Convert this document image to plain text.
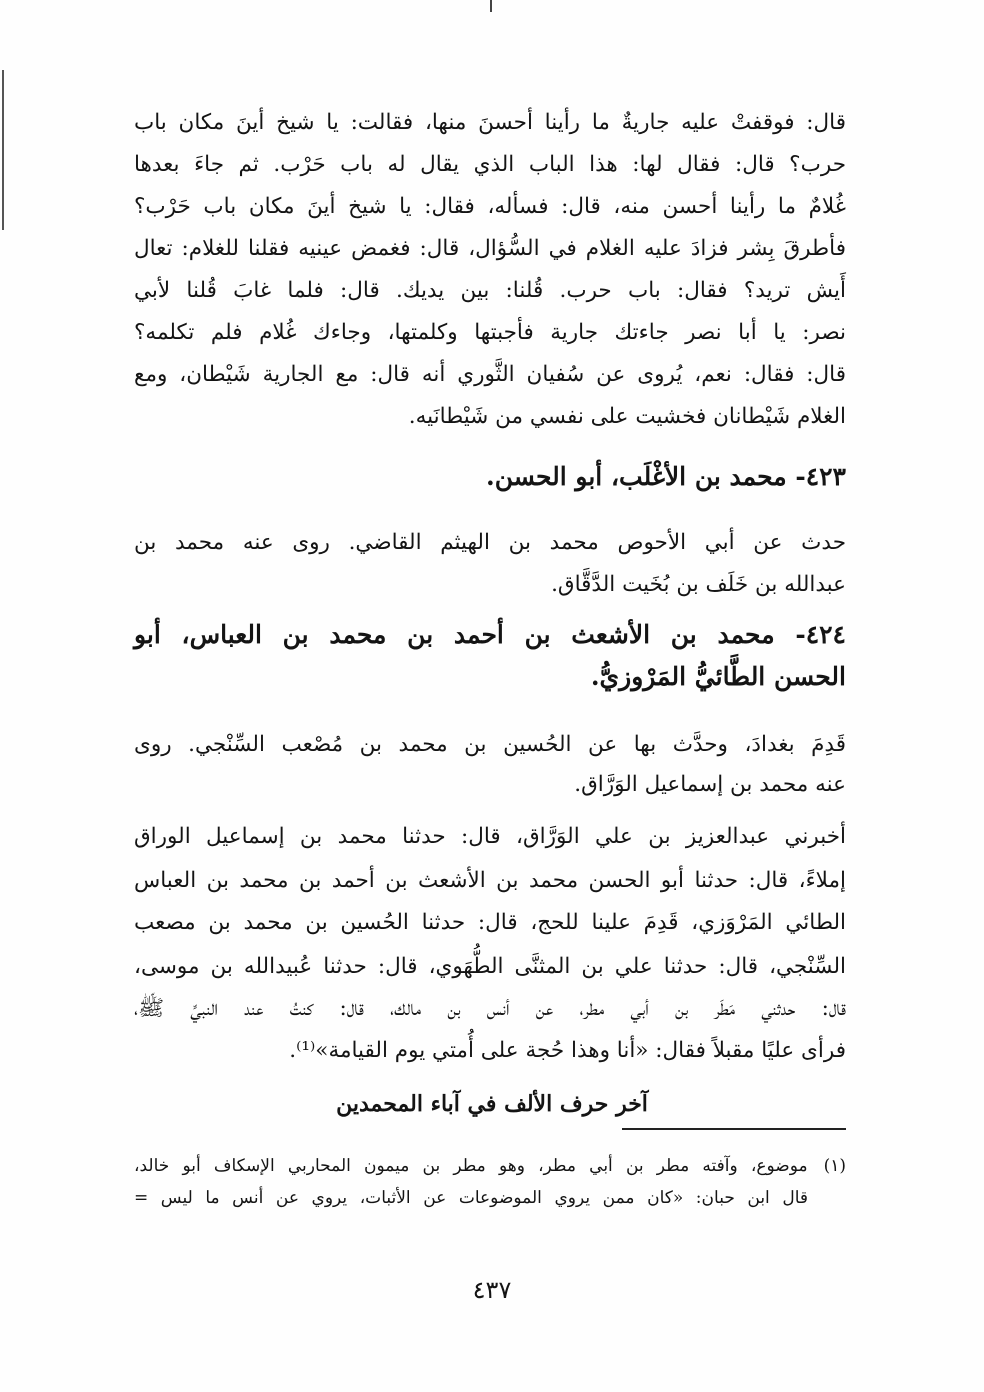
قال: فوقفتْ عليه جاريةٌ ما رأينا أحسنَ منها، فقالت: يا شيخ أينَ مكان باب
حرب؟ قال: فقال لها: هذا الباب الذي يقال له باب حَرْب. ثم جاءَ بعدها
غُلامٌ ما رأينا أحسن منه، قال: فسأله، فقال: يا شيخ أينَ مكان باب حَرْب؟
فأطرقَ بِشر فزادَ عليه الغلام في السُّؤال، قال: فغمض عينيه فقلنا للغلام: تعال
أَيش تريد؟ فقال: باب حرب. قُلنا: بين يديك. قال: فلما غابَ قُلنا لأبي
نصر: يا أبا نصر جاءتك جارية فأجبتها وكلمتها، وجاءك غُلام فلم تكلمه؟
قال: فقال: نعم، يُروى عن سُفيان الثَّوري أنه قال: مع الجارية شَيْطان، ومع
الغلام شَيْطانان فخشيت على نفسي من شَيْطانَيه.
٤٢٣- محمد بن الأغْلَب، أبو الحسن.
حدث عن أبي الأحوص محمد بن الهيثم القاضي. روى عنه محمد بن
عبدالله بن خَلَف بن بُخَيت الدَّقَّاق.
٤٢٤- محمد بن الأشعث بن أحمد بن محمد بن العباس، أبو
الحسن الطَّائيُّ المَرْوزيُّ.
قَدِمَ بغدادَ، وحدَّث بها عن الحُسين بن محمد بن مُصْعب السِّنْجي. روى
عنه محمد بن إسماعيل الوَرَّاق.
أخبرني عبدالعزيز بن علي الوَرَّاق، قال: حدثنا محمد بن إسماعيل الوراق
إملاءً، قال: حدثنا أبو الحسن محمد بن الأشعث بن أحمد بن محمد بن العباس
الطائي المَرْوَزي، قَدِمَ علينا للحج، قال: حدثنا الحُسين بن محمد بن مصعب
السِّنْجي، قال: حدثنا علي بن المثنَّى الطُّهَوي، قال: حدثنا عُبيدالله بن موسى،
قال: حدثني مَطَر بن أبي مطر، عن أنس بن مالك، قال: كنتُ عند النبيِّ ﷺ،
فرأى عليًا مقبلاً فقال: «أنا وهذا حُجة على أُمتي يوم القيامة»⁽¹⁾.
آخر حرف الألف في آباء المحمدين
(١)موضوع، وآفته مطر بن أبي مطر، وهو مطر بن ميمون المحاربي الإسكاف أبو خالد،
قال ابن حبان: «كان ممن يروي الموضوعات عن الأثبات، يروي عن أنس ما ليس =
٤٣٧
